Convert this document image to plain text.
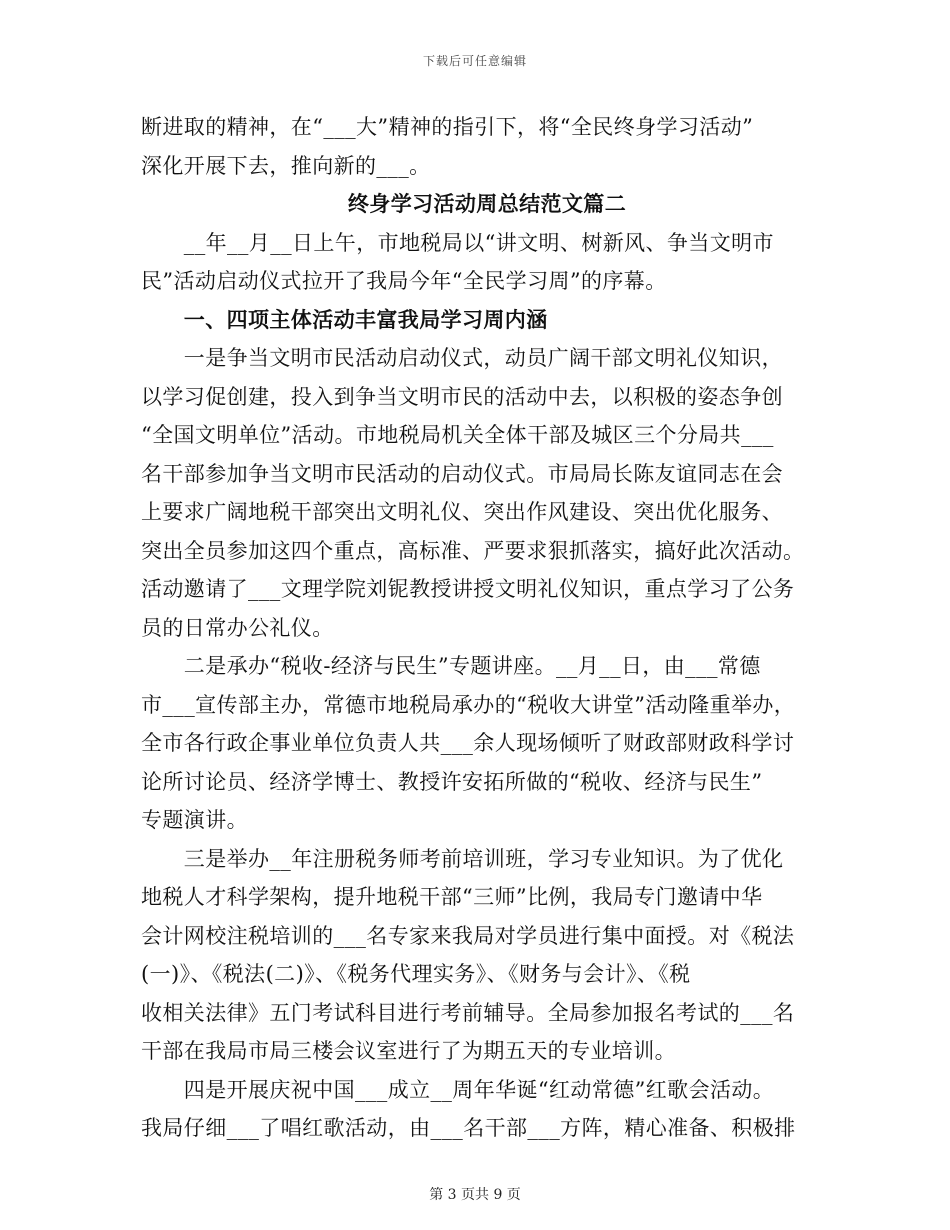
下载后可任意编辑
断进取的精神，在“___大”精神的指引下，将“全民终身学习活动”
深化开展下去，推向新的___。
终身学习活动周总结范文篇二
　　__年__月__日上午，市地税局以“讲文明、树新风、争当文明市
民”活动启动仪式拉开了我局今年“全民学习周”的序幕。
　　一、四项主体活动丰富我局学习周内涵
　　一是争当文明市民活动启动仪式，动员广阔干部文明礼仪知识，
以学习促创建，投入到争当文明市民的活动中去，以积极的姿态争创
“全国文明单位”活动。市地税局机关全体干部及城区三个分局共___
名干部参加争当文明市民活动的启动仪式。市局局长陈友谊同志在会
上要求广阔地税干部突出文明礼仪、突出作风建设、突出优化服务、
突出全员参加这四个重点，高标准、严要求狠抓落实，搞好此次活动。
活动邀请了___文理学院刘铌教授讲授文明礼仪知识，重点学习了公务
员的日常办公礼仪。
　　二是承办“税收-经济与民生”专题讲座。__月__日，由___常德
市___宣传部主办，常德市地税局承办的“税收大讲堂”活动隆重举办，
全市各行政企事业单位负责人共___余人现场倾听了财政部财政科学讨
论所讨论员、经济学博士、教授许安拓所做的“税收、经济与民生”
专题演讲。
　　三是举办__年注册税务师考前培训班，学习专业知识。为了优化
地税人才科学架构，提升地税干部“三师”比例，我局专门邀请中华
会计网校注税培训的___名专家来我局对学员进行集中面授。对《税法
(一)》、《税法(二)》、《税务代理实务》、《财务与会计》、《税
收相关法律》五门考试科目进行考前辅导。全局参加报名考试的___名
干部在我局市局三楼会议室进行了为期五天的专业培训。
　　四是开展庆祝中国___成立__周年华诞“红动常德”红歌会活动。
我局仔细___了唱红歌活动，由___名干部___方阵，精心准备、积极排
第 3 页共 9 页
